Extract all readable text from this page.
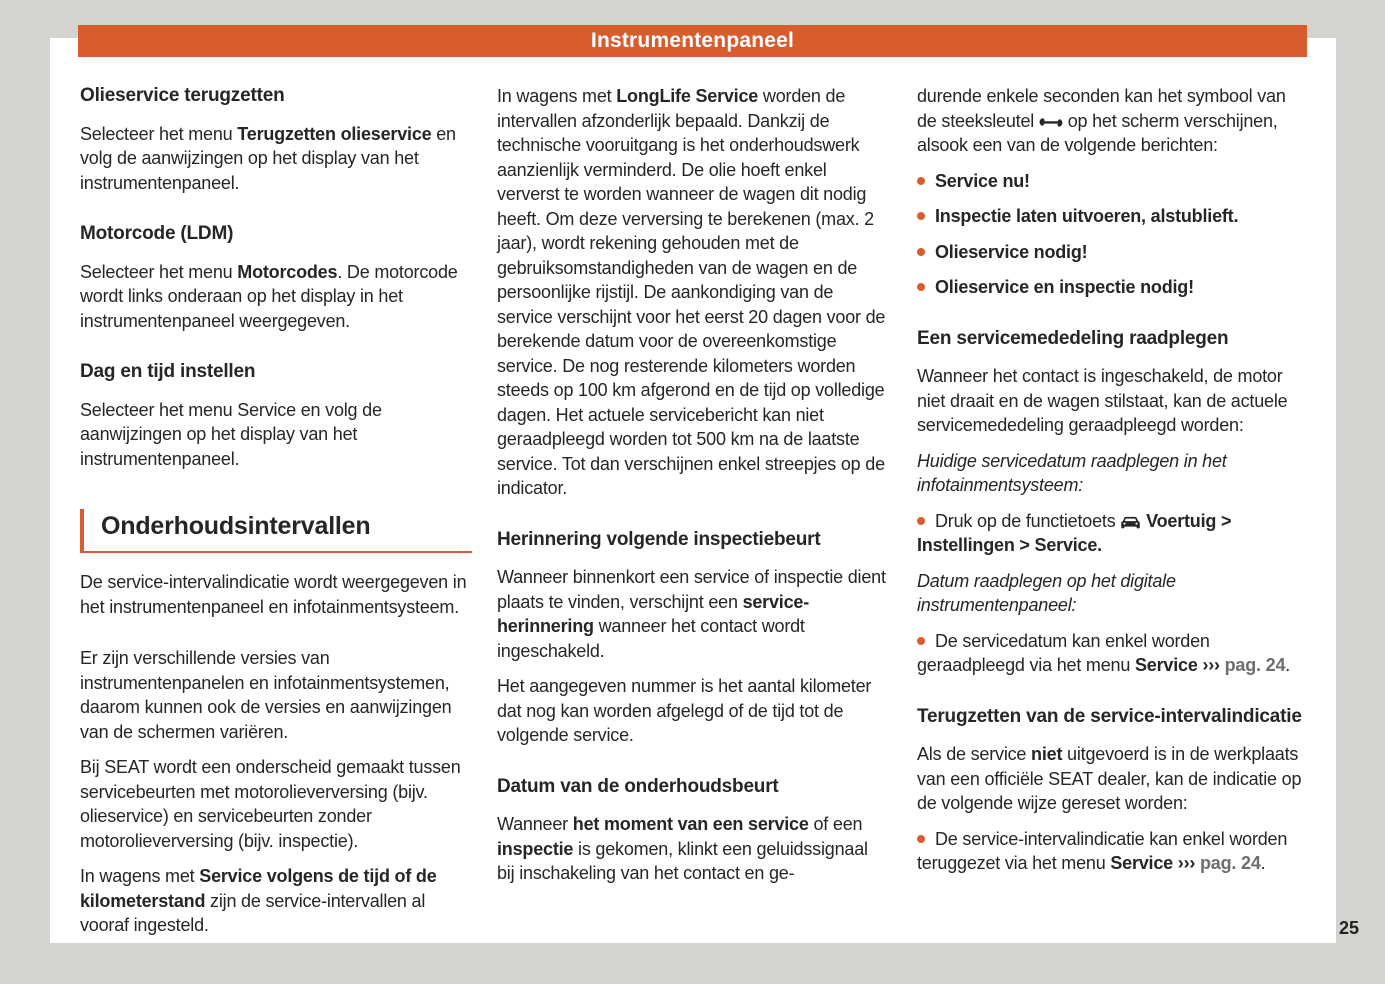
Instrumentenpaneel
Olieservice terugzetten

Selecteer het menu Terugzetten olieservice en volg de aanwijzingen op het display van het instrumentenpaneel.

Motorcode (LDM)

Selecteer het menu Motorcodes. De motorcode wordt links onderaan op het display in het instrumentenpaneel weergegeven.

Dag en tijd instellen

Selecteer het menu Service en volg de aanwijzingen op het display van het instrumentenpaneel.

Onderhoudsintervallen

De service-intervalindicatie wordt weergegeven in het instrumentenpaneel en infotainmentsysteem.

Er zijn verschillende versies van instrumentenpanelen en infotainmentsystemen, daarom kunnen ook de versies en aanwijzingen van de schermen variëren.

Bij SEAT wordt een onderscheid gemaakt tussen servicebeurten met motorolieverversing (bijv. olieservice) en servicebeurten zonder motorolieverversing (bijv. inspectie).

In wagens met Service volgens de tijd of de kilometerstand zijn de service-intervallen al vooraf ingesteld.

In wagens met LongLife Service worden de intervallen afzonderlijk bepaald. Dankzij de technische vooruitgang is het onderhoudswerk aanzienlijk verminderd. De olie hoeft enkel ververst te worden wanneer de wagen dit nodig heeft. Om deze verversing te berekenen (max. 2 jaar), wordt rekening gehouden met de gebruiksomstandigheden van de wagen en de persoonlijke rijstijl. De aankondiging van de service verschijnt voor het eerst 20 dagen voor de berekende datum voor de overeenkomstige service. De nog resterende kilometers worden steeds op 100 km afgerond en de tijd op volledige dagen. Het actuele servicebericht kan niet geraadpleegd worden tot 500 km na de laatste service. Tot dan verschijnen enkel streepjes op de indicator.

Herinnering volgende inspectiebeurt

Wanneer binnenkort een service of inspectie dient plaats te vinden, verschijnt een service-herinnering wanneer het contact wordt ingeschakeld.

Het aangegeven nummer is het aantal kilometer dat nog kan worden afgelegd of de tijd tot de volgende service.

Datum van de onderhoudsbeurt

Wanneer het moment van een service of een inspectie is gekomen, klinkt een geluidssignaal bij inschakeling van het contact en ge-

durende enkele seconden kan het symbool van de steeksleutel  op het scherm verschijnen, alsook een van de volgende berichten:

Service nu!

Inspectie laten uitvoeren, alstublieft.

Olieservice nodig!

Olieservice en inspectie nodig!

Een servicemededeling raadplegen

Wanneer het contact is ingeschakeld, de motor niet draait en de wagen stilstaat, kan de actuele servicemededeling geraadpleegd worden:

Huidige servicedatum raadplegen in het infotainmentsysteem:

Druk op de functietoets  Voertuig > Instellingen > Service.

Datum raadplegen op het digitale instrumentenpaneel:

De servicedatum kan enkel worden geraadpleegd via het menu Service ››› pag. 24.

Terugzetten van de service-intervalindicatie

Als de service niet uitgevoerd is in de werkplaats van een officiële SEAT dealer, kan de indicatie op de volgende wijze gereset worden:

De service-intervalindicatie kan enkel worden teruggezet via het menu Service ››› pag. 24.

25
